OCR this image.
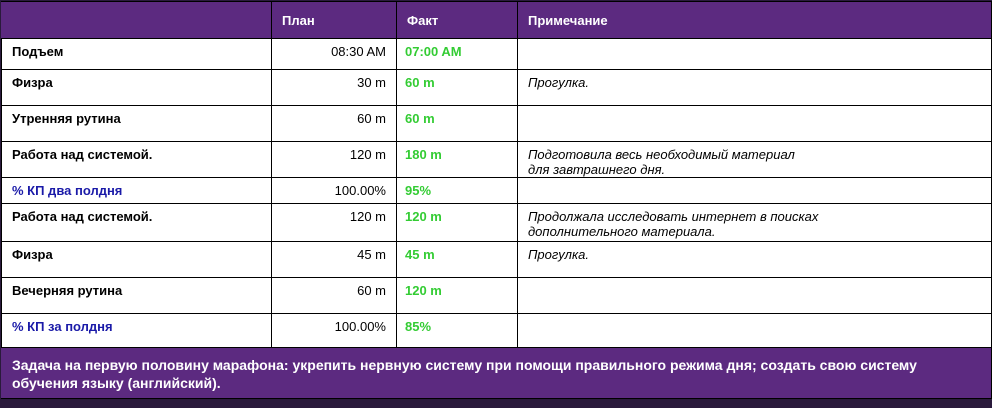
	План	Факт	Примечание
Подъем	08:30 AM	07:00 AM	

Физра	30 m	60 m	Прогулка.

Утренняя рутина	60 m	60 m	

Работа над системой.	120 m	180 m	Подготовила весь необходимый материал
для завтрашнего дня.

% КП два полдня	100.00%	95%	

Работа над системой.	120 m	120 m	Продолжала исследовать интернет в поисках
дополнительного материала.

Физра	45 m	45 m	Прогулка.

Вечерняя рутина	60 m	120 m	

% КП за полдня	100.00%	85%	

Задача на первую половину марафона: укрепить нервную систему при помощи правильного режима дня; создать свою систему обучения языку (английский).			
